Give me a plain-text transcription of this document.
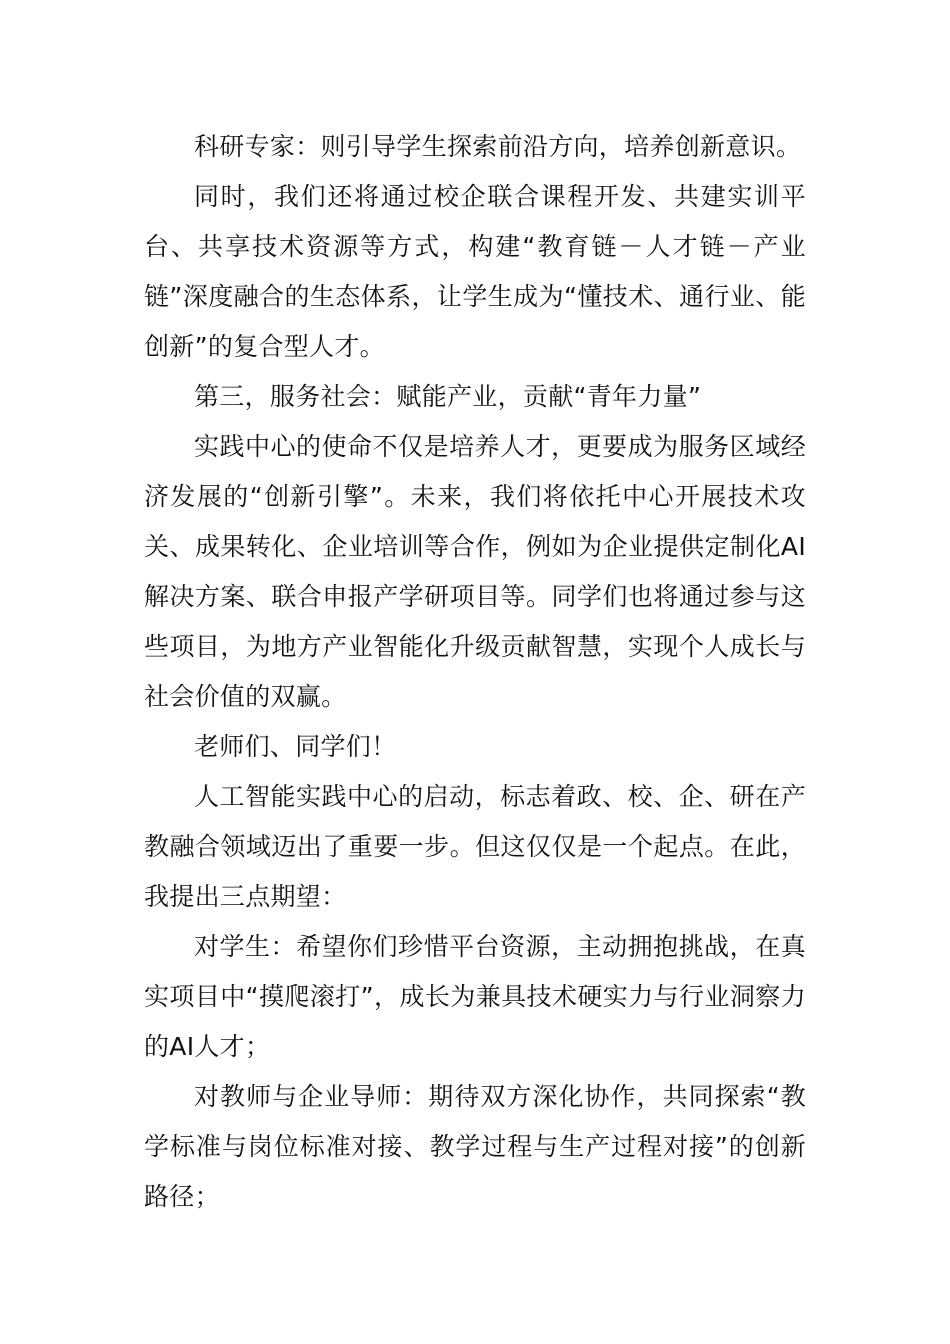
科研专家：则引导学生探索前沿方向，培养创新意识。

同时，我们还将通过校企联合课程开发、共建实训平台、共享技术资源等方式，构建“教育链－人才链－产业链”深度融合的生态体系，让学生成为“懂技术、通行业、能创新”的复合型人才。

第三，服务社会：赋能产业，贡献“青年力量”

实践中心的使命不仅是培养人才，更要成为服务区域经济发展的“创新引擎”。未来，我们将依托中心开展技术攻关、成果转化、企业培训等合作，例如为企业提供定制化AI解决方案、联合申报产学研项目等。同学们也将通过参与这些项目，为地方产业智能化升级贡献智慧，实现个人成长与社会价值的双赢。

老师们、同学们！

人工智能实践中心的启动，标志着政、校、企、研在产教融合领域迈出了重要一步。但这仅仅是一个起点。在此，我提出三点期望：

对学生：希望你们珍惜平台资源，主动拥抱挑战，在真实项目中“摸爬滚打”，成长为兼具技术硬实力与行业洞察力的AI人才；

对教师与企业导师：期待双方深化协作，共同探索“教学标准与岗位标准对接、教学过程与生产过程对接”的创新路径；
